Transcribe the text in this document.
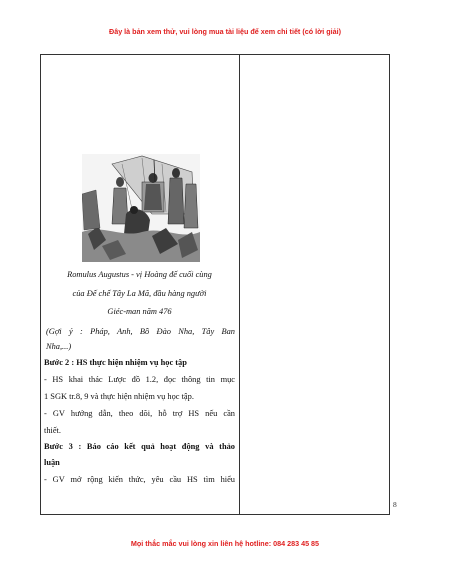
Đây là bản xem thử, vui lòng mua tài liệu để xem chi tiết (có lời giải)
Romulus Augustus - vị Hoàng đế cuối cùng
của Đế chế Tây La Mã, đầu hàng người
Giéc-man năm 476
(Gợi ý : Pháp, Anh, Bồ Đào Nha, Tây Ban
Nha,...)
Bước 2 : HS thực hiện nhiệm vụ học tập
- HS khai thác Lược đồ 1.2, đọc thông tin mục
1 SGK tr.8, 9 và thực hiện nhiệm vụ học tập.
- GV hướng dẫn, theo dõi, hỗ trợ HS nếu cần
thiết.
Bước 3 : Báo cáo kết quả hoạt động và thảo
luận
- GV mở rộng kiến thức, yêu cầu HS tìm hiểu
8
Mọi thắc mắc vui lòng xin liên hệ hotline: 084 283 45 85
